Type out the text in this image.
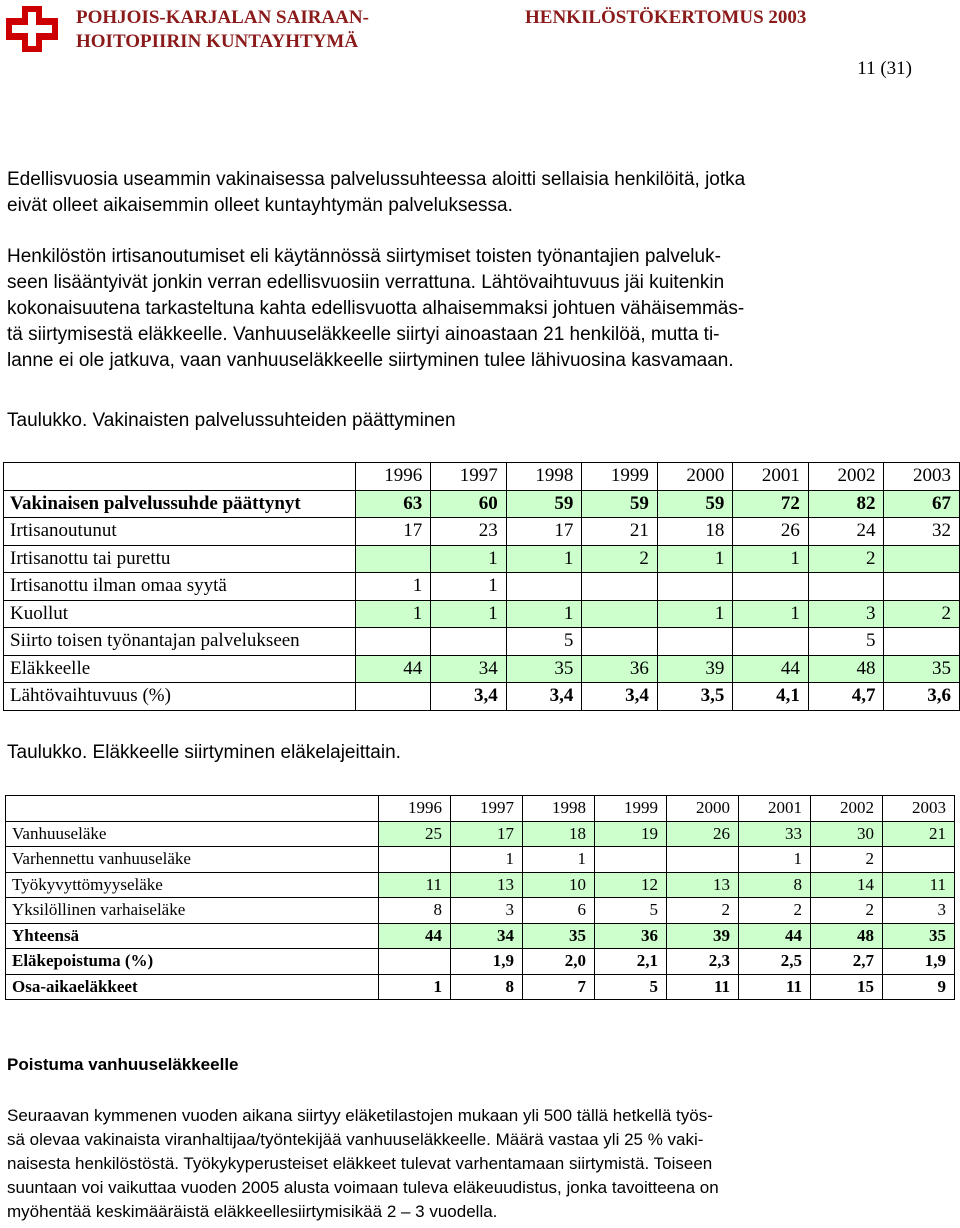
POHJOIS-KARJALAN SAIRAAN-
HOITOPIIRIN KUNTAYHTYMÄ
HENKILÖSTÖKERTOMUS 2003
11 (31)
Edellisvuosia useammin vakinaisessa palvelussuhteessa aloitti sellaisia henkilöitä, jotka
eivät olleet aikaisemmin olleet kuntayhtymän palveluksessa.
Henkilöstön irtisanoutumiset eli käytännössä siirtymiset toisten työnantajien palveluk-
seen lisääntyivät jonkin verran edellisvuosiin verrattuna. Lähtövaihtuvuus jäi kuitenkin
kokonaisuutena tarkasteltuna kahta edellisvuotta alhaisemmaksi johtuen vähäisemmäs-
tä siirtymisestä eläkkeelle. Vanhuuseläkkeelle siirtyi ainoastaan 21 henkilöä, mutta ti-
lanne ei ole jatkuva, vaan vanhuuseläkkeelle siirtyminen tulee lähivuosina kasvamaan.
Taulukko. Vakinaisten palvelussuhteiden päättyminen
	1996	1997	1998	1999	2000	2001	2002	2003
Vakinaisen palvelussuhde päättynyt	63	60	59	59	59	72	82	67
Irtisanoutunut	17	23	17	21	18	26	24	32
Irtisanottu tai purettu		1	1	2	1	1	2	
Irtisanottu ilman omaa syytä	1	1						
Kuollut	1	1	1		1	1	3	2
Siirto toisen työnantajan palvelukseen			5				5	
Eläkkeelle	44	34	35	36	39	44	48	35
Lähtövaihtuvuus (%)		3,4	3,4	3,4	3,5	4,1	4,7	3,6
Taulukko. Eläkkeelle siirtyminen eläkelajeittain.
	1996	1997	1998	1999	2000	2001	2002	2003
Vanhuuseläke	25	17	18	19	26	33	30	21
Varhennettu vanhuuseläke		1	1			1	2	
Työkyvyttömyyseläke	11	13	10	12	13	8	14	11
Yksilöllinen varhaiseläke	8	3	6	5	2	2	2	3
Yhteensä	44	34	35	36	39	44	48	35
Eläkepoistuma (%)		1,9	2,0	2,1	2,3	2,5	2,7	1,9
Osa-aikaeläkkeet	1	8	7	5	11	11	15	9
Poistuma vanhuuseläkkeelle
Seuraavan kymmenen vuoden aikana siirtyy eläketilastojen mukaan yli 500 tällä hetkellä työs-
sä olevaa vakinaista viranhaltijaa/työntekijää vanhuuseläkkeelle. Määrä vastaa yli 25 % vaki-
naisesta henkilöstöstä. Työkykyperusteiset eläkkeet tulevat varhentamaan siirtymistä. Toiseen
suuntaan voi vaikuttaa vuoden 2005 alusta voimaan tuleva eläkeuudistus, jonka tavoitteena on
myöhentää keskimääräistä eläkkeellesiirtymisikää 2 – 3 vuodella.
